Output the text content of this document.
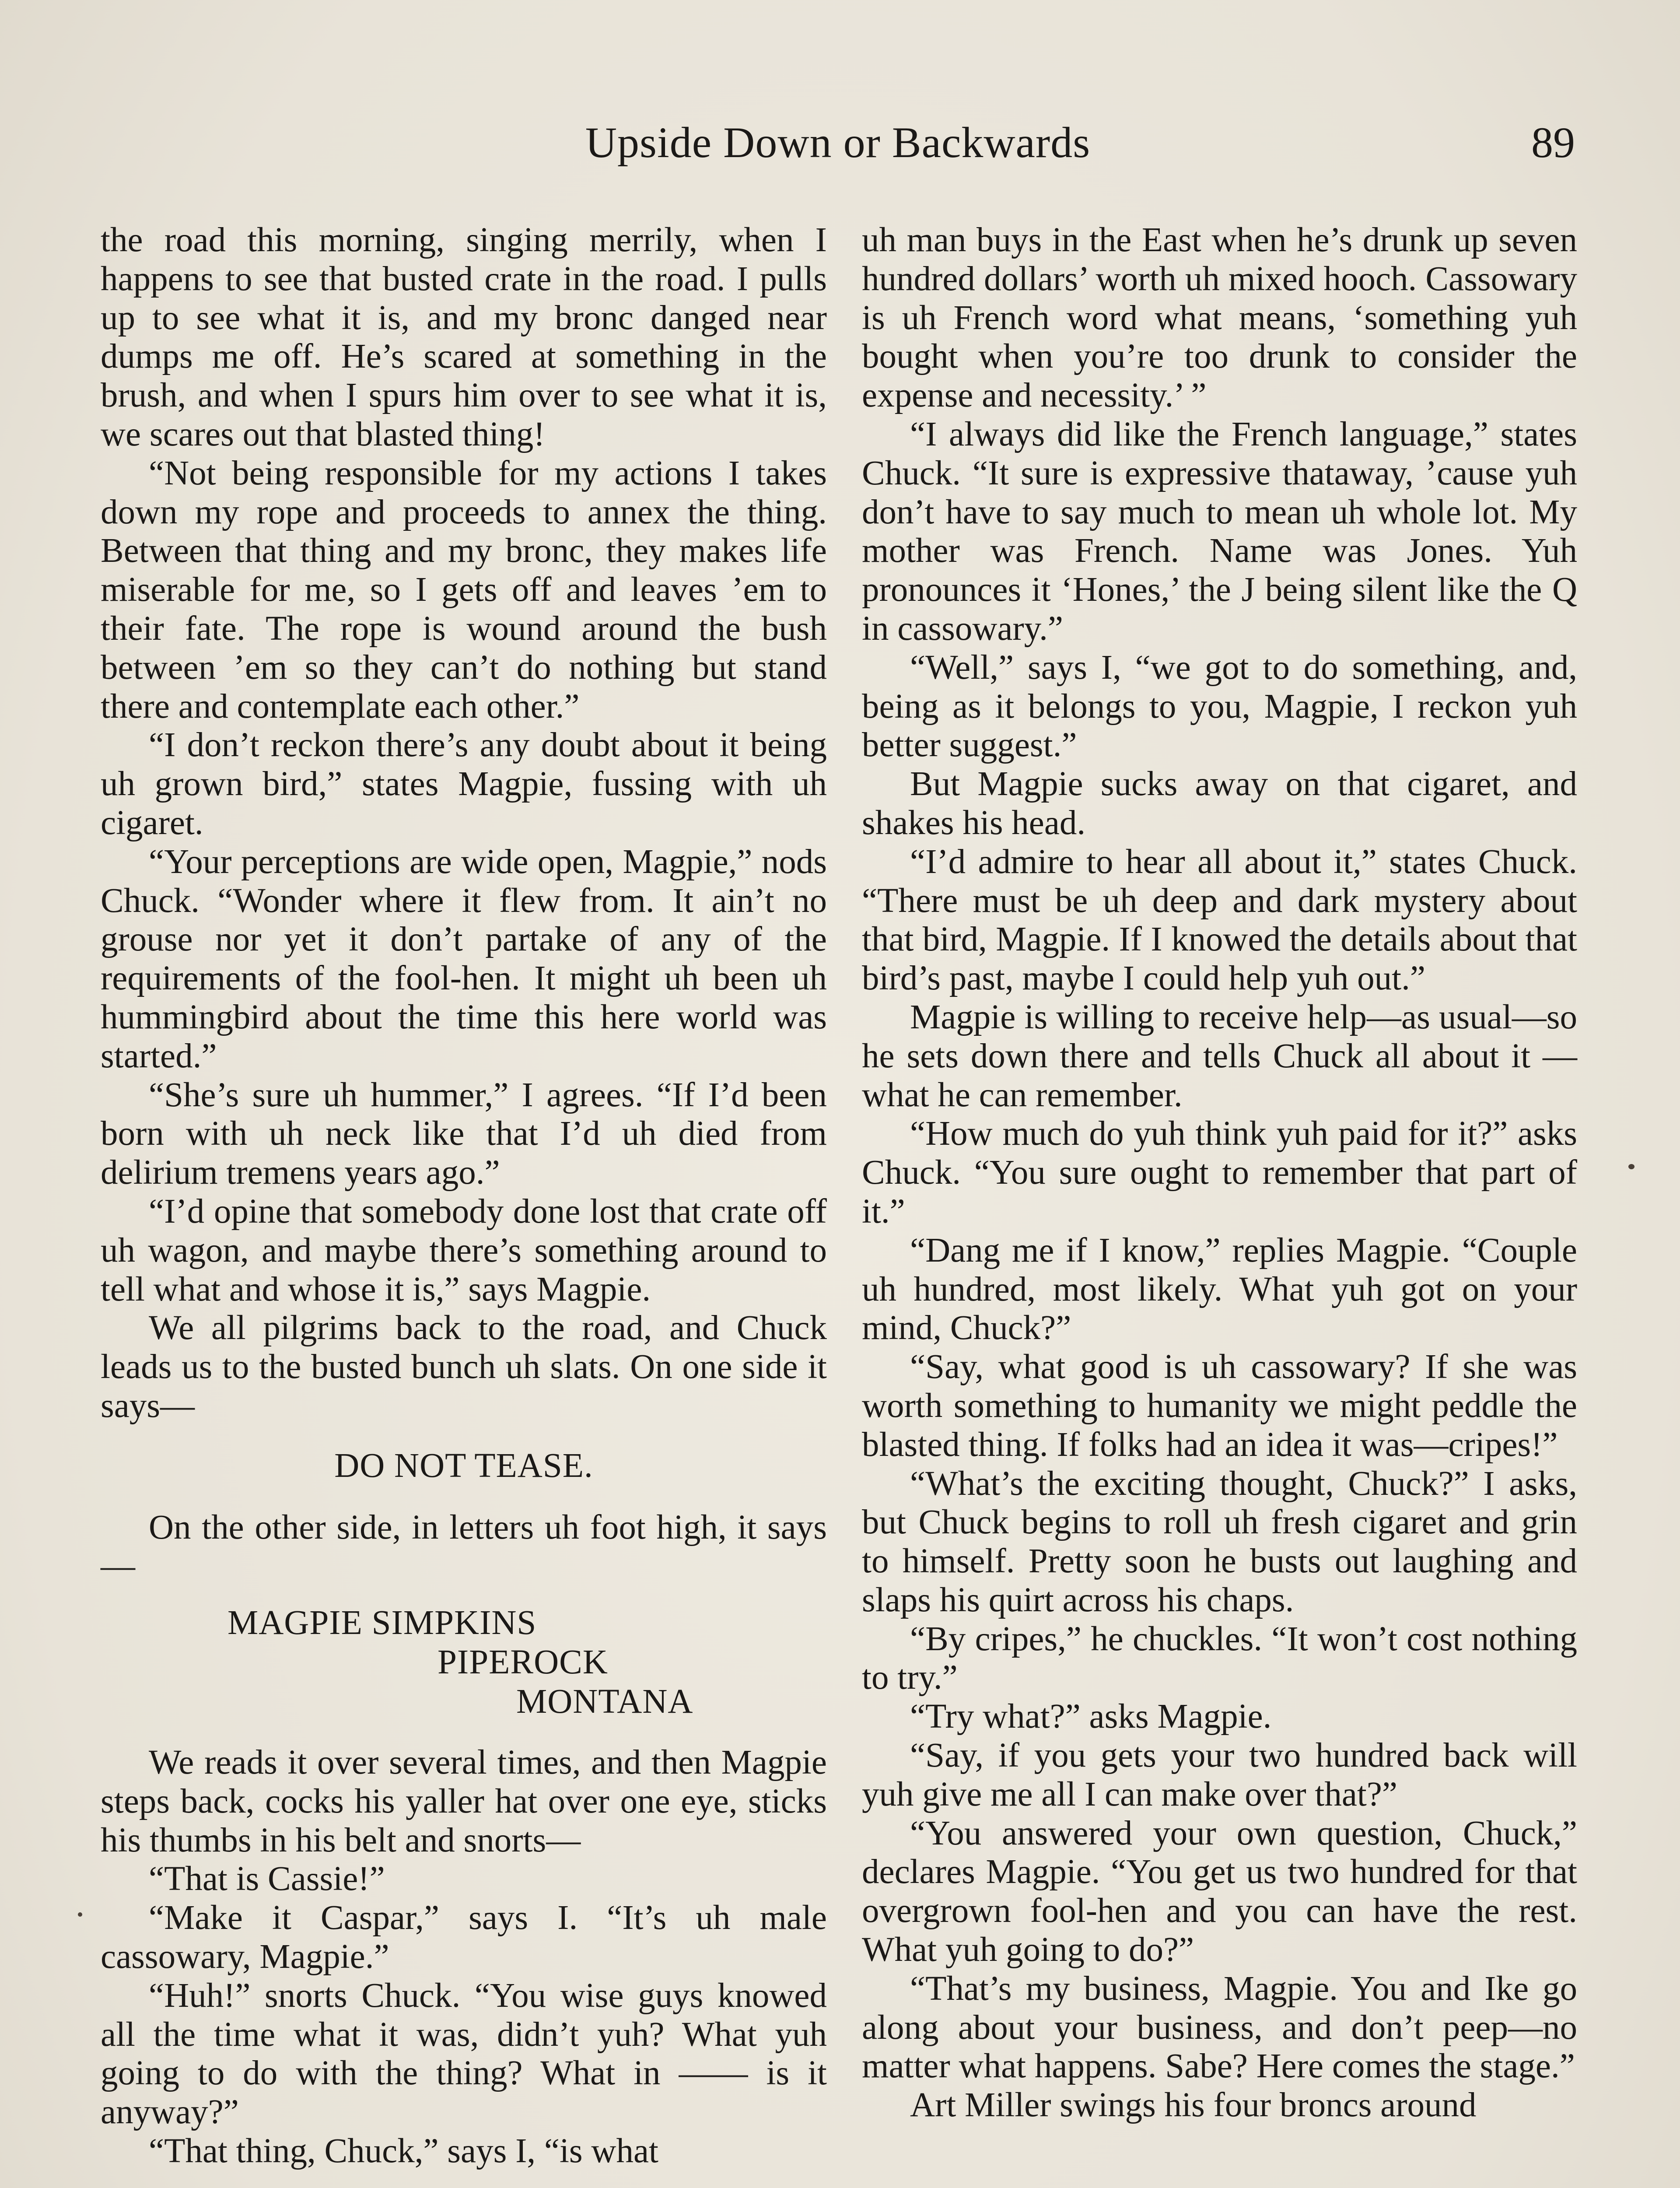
Upside Down or Backwards	89

the road this morning, singing merrily, when I happens to see that busted crate in the road. I pulls up to see what it is, and my bronc danged near dumps me off. He’s scared at something in the brush, and when I spurs him over to see what it is, we scares out that blasted thing!

“Not being responsible for my actions I takes down my rope and proceeds to annex the thing. Between that thing and my bronc, they makes life miserable for me, so I gets off and leaves ’em to their fate. The rope is wound around the bush between ’em so they can’t do nothing but stand there and contemplate each other.”

“I don’t reckon there’s any doubt about it being uh grown bird,” states Magpie, fussing with uh cigaret.

“Your perceptions are wide open, Magpie,” nods Chuck. “Wonder where it flew from. It ain’t no grouse nor yet it don’t partake of any of the requirements of the fool-hen. It might uh been uh hummingbird about the time this here world was started.”

“She’s sure uh hummer,” I agrees. “If I’d been born with uh neck like that I’d uh died from delirium tremens years ago.”

“I’d opine that somebody done lost that crate off uh wagon, and maybe there’s something around to tell what and whose it is,” says Magpie.

We all pilgrims back to the road, and Chuck leads us to the busted bunch uh slats. On one side it says—

DO NOT TEASE.

On the other side, in letters uh foot high, it says—

MAGPIE SIMPKINS
PIPEROCK
MONTANA

We reads it over several times, and then Magpie steps back, cocks his yaller hat over one eye, sticks his thumbs in his belt and snorts—

“That is Cassie!”

“Make it Caspar,” says I. “It’s uh male cassowary, Magpie.”

“Huh!” snorts Chuck. “You wise guys knowed all the time what it was, didn’t yuh? What yuh going to do with the thing? What in —— is it anyway?”

“That thing, Chuck,” says I, “is what

uh man buys in the East when he’s drunk up seven hundred dollars’ worth uh mixed hooch. Cassowary is uh French word what means, ‘something yuh bought when you’re too drunk to consider the expense and necessity.’ ”

“I always did like the French language,” states Chuck. “It sure is expressive thataway, ’cause yuh don’t have to say much to mean uh whole lot. My mother was French. Name was Jones. Yuh pronounces it ‘Hones,’ the J being silent like the Q in cassowary.”

“Well,” says I, “we got to do something, and, being as it belongs to you, Magpie, I reckon yuh better suggest.”

But Magpie sucks away on that cigaret, and shakes his head.

“I’d admire to hear all about it,” states Chuck. “There must be uh deep and dark mystery about that bird, Magpie. If I knowed the details about that bird’s past, maybe I could help yuh out.”

Magpie is willing to receive help—as usual—so he sets down there and tells Chuck all about it —what he can remember.

“How much do yuh think yuh paid for it?” asks Chuck. “You sure ought to remember that part of it.”

“Dang me if I know,” replies Magpie. “Couple uh hundred, most likely. What yuh got on your mind, Chuck?”

“Say, what good is uh cassowary? If she was worth something to humanity we might peddle the blasted thing. If folks had an idea it was—cripes!”

“What’s the exciting thought, Chuck?” I asks, but Chuck begins to roll uh fresh cigaret and grin to himself. Pretty soon he busts out laughing and slaps his quirt across his chaps.

“By cripes,” he chuckles. “It won’t cost nothing to try.”

“Try what?” asks Magpie.

“Say, if you gets your two hundred back will yuh give me all I can make over that?”

“You answered your own question, Chuck,” declares Magpie. “You get us two hundred for that overgrown fool-hen and you can have the rest. What yuh going to do?”

“That’s my business, Magpie. You and Ike go along about your business, and don’t peep—no matter what happens. Sabe? Here comes the stage.”

Art Miller swings his four broncs around
